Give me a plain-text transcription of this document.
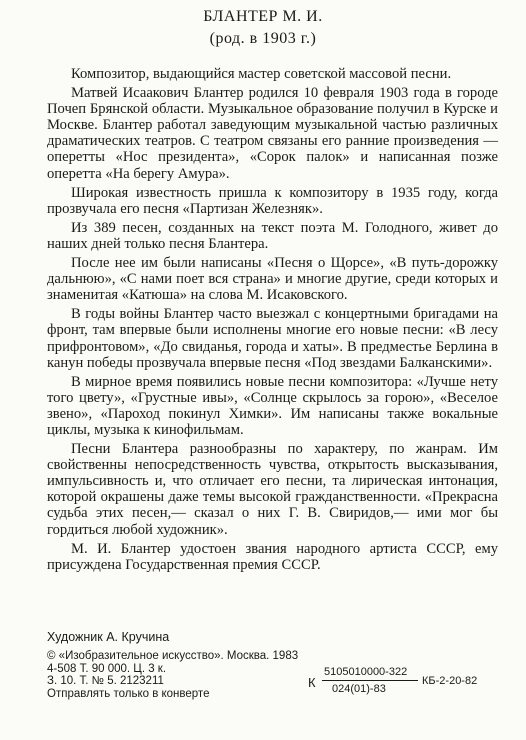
БЛАНТЕР М. И.
(род. в 1903 г.)

Композитор, выдающийся мастер советской массовой песни.

Матвей Исаакович Блантер родился 10 февраля 1903 года в городе Почеп Брянской области. Музыкальное образование получил в Курске и Москве. Блантер работал заведующим музыкальной частью различных драматических театров. С театром связаны его ранние произведения — оперетты «Нос президента», «Сорок палок» и написанная позже оперетта «На берегу Амура».

Широкая известность пришла к композитору в 1935 году, когда прозвучала его песня «Партизан Железняк».

Из 389 песен, созданных на текст поэта М. Голодного, живет до наших дней только песня Блантера.

После нее им были написаны «Песня о Щорсе», «В путь-дорожку дальнюю», «С нами поет вся страна» и многие другие, среди которых и знаменитая «Катюша» на слова М. Исаковского.

В годы войны Блантер часто выезжал с концертными бригадами на фронт, там впервые были исполнены многие его новые песни: «В лесу прифронтовом», «До свиданья, города и хаты». В предместье Берлина в канун победы прозвучала впервые песня «Под звездами Балканскими».

В мирное время появились новые песни композитора: «Лучше нету того цвету», «Грустные ивы», «Солнце скрылось за горою», «Веселое звено», «Пароход покинул Химки». Им написаны также вокальные циклы, музыка к кинофильмам.

Песни Блантера разнообразны по характеру, по жанрам. Им свойственны непосредственность чувства, открытость высказывания, импульсивность и, что отличает его песни, та лирическая интонация, которой окрашены даже темы высокой гражданственности. «Прекрасна судьба этих песен,— сказал о них Г. В. Свиридов,— ими мог бы гордиться любой художник».

М. И. Блантер удостоен звания народного артиста СССР, ему присуждена Государственная премия СССР.

Художник А. Кручина
© «Изобразительное искусство». Москва. 1983
4-508 Т. 90 000. Ц. 3 к.
З. 10. Т. № 5. 2123211
Отправлять только в конверте
К
5105010000-322
024(01)-83
КБ-2-20-82
